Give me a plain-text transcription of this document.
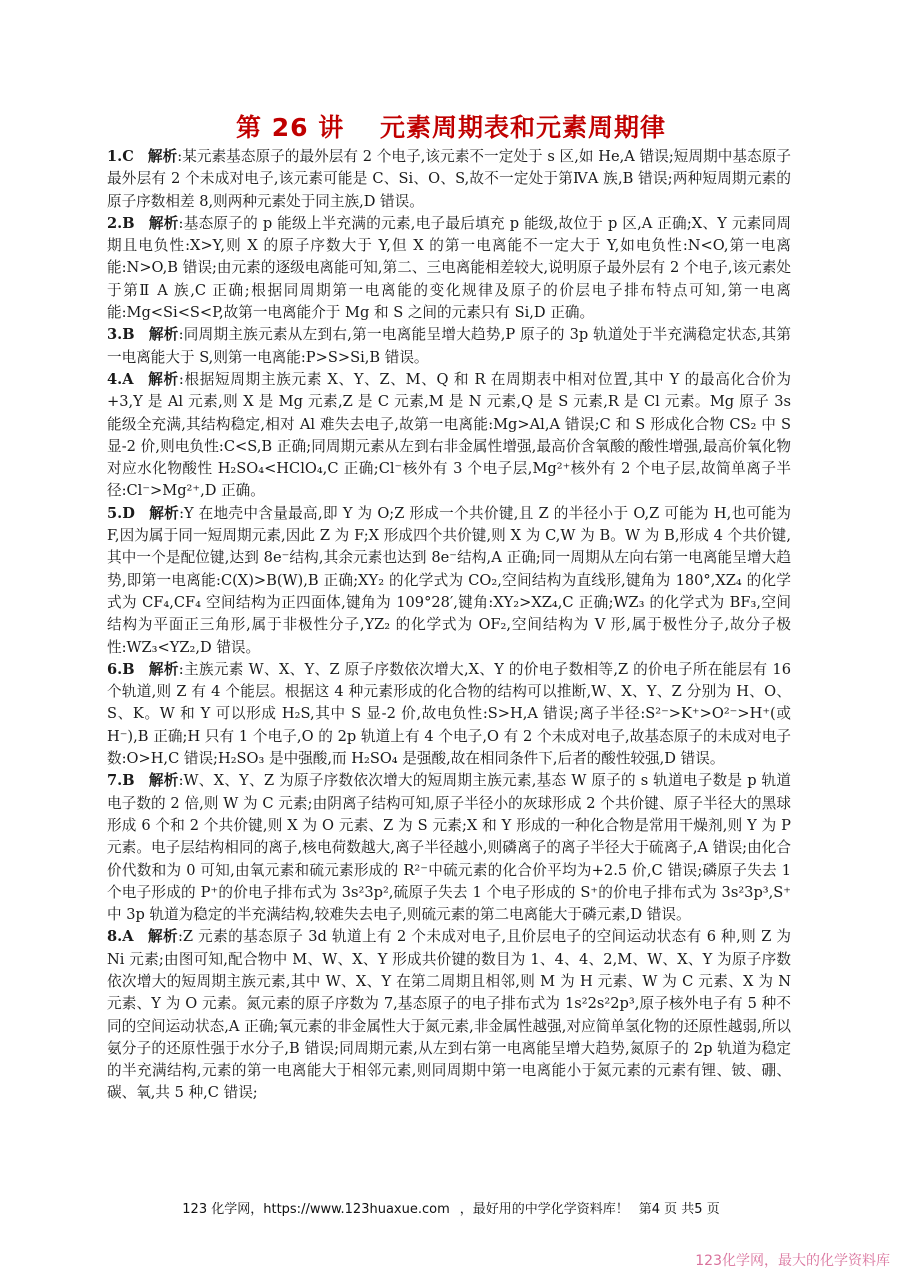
第 26 讲　 元素周期表和元素周期律

1.C 解析:某元素基态原子的最外层有 2 个电子,该元素不一定处于 s 区,如 He,A 错误;短周期中基态原子最外层有 2 个未成对电子,该元素可能是 C、Si、O、S,故不一定处于第ⅣA 族,B 错误;两种短周期元素的原子序数相差 8,则两种元素处于同主族,D 错误。

2.B 解析:基态原子的 p 能级上半充满的元素,电子最后填充 p 能级,故位于 p 区,A 正确;X、Y 元素同周期且电负性:X>Y,则 X 的原子序数大于 Y,但 X 的第一电离能不一定大于 Y,如电负性:N<O,第一电离能:N>O,B 错误;由元素的逐级电离能可知,第二、三电离能相差较大,说明原子最外层有 2 个电子,该元素处于第Ⅱ A 族,C 正确;根据同周期第一电离能的变化规律及原子的价层电子排布特点可知,第一电离能:Mg<Si<S<P,故第一电离能介于 Mg 和 S 之间的元素只有 Si,D 正确。

3.B 解析:同周期主族元素从左到右,第一电离能呈增大趋势,P 原子的 3p 轨道处于半充满稳定状态,其第一电离能大于 S,则第一电离能:P>S>Si,B 错误。

4.A 解析:根据短周期主族元素 X、Y、Z、M、Q 和 R 在周期表中相对位置,其中 Y 的最高化合价为+3,Y 是 Al 元素,则 X 是 Mg 元素,Z 是 C 元素,M 是 N 元素,Q 是 S 元素,R 是 Cl 元素。Mg 原子 3s 能级全充满,其结构稳定,相对 Al 难失去电子,故第一电离能:Mg>Al,A 错误;C 和 S 形成化合物 CS₂ 中 S 显-2 价,则电负性:C<S,B 正确;同周期元素从左到右非金属性增强,最高价含氧酸的酸性增强,最高价氧化物对应水化物酸性 H₂SO₄<HClO₄,C 正确;Cl⁻核外有 3 个电子层,Mg²⁺核外有 2 个电子层,故简单离子半径:Cl⁻>Mg²⁺,D 正确。

5.D 解析:Y 在地壳中含量最高,即 Y 为 O;Z 形成一个共价键,且 Z 的半径小于 O,Z 可能为 H,也可能为 F,因为属于同一短周期元素,因此 Z 为 F;X 形成四个共价键,则 X 为 C,W 为 B。W 为 B,形成 4 个共价键,其中一个是配位键,达到 8e⁻结构,其余元素也达到 8e⁻结构,A 正确;同一周期从左向右第一电离能呈增大趋势,即第一电离能:C(X)>B(W),B 正确;XY₂ 的化学式为 CO₂,空间结构为直线形,键角为 180°,XZ₄ 的化学式为 CF₄,CF₄ 空间结构为正四面体,键角为 109°28′,键角:XY₂>XZ₄,C 正确;WZ₃ 的化学式为 BF₃,空间结构为平面正三角形,属于非极性分子,YZ₂ 的化学式为 OF₂,空间结构为 V 形,属于极性分子,故分子极性:WZ₃<YZ₂,D 错误。

6.B 解析:主族元素 W、X、Y、Z 原子序数依次增大,X、Y 的价电子数相等,Z 的价电子所在能层有 16 个轨道,则 Z 有 4 个能层。根据这 4 种元素形成的化合物的结构可以推断,W、X、Y、Z 分别为 H、O、S、K。W 和 Y 可以形成 H₂S,其中 S 显-2 价,故电负性:S>H,A 错误;离子半径:S²⁻>K⁺>O²⁻>H⁺(或 H⁻),B 正确;H 只有 1 个电子,O 的 2p 轨道上有 4 个电子,O 有 2 个未成对电子,故基态原子的未成对电子数:O>H,C 错误;H₂SO₃ 是中强酸,而 H₂SO₄ 是强酸,故在相同条件下,后者的酸性较强,D 错误。

7.B 解析:W、X、Y、Z 为原子序数依次增大的短周期主族元素,基态 W 原子的 s 轨道电子数是 p 轨道电子数的 2 倍,则 W 为 C 元素;由阴离子结构可知,原子半径小的灰球形成 2 个共价键、原子半径大的黑球形成 6 个和 2 个共价键,则 X 为 O 元素、Z 为 S 元素;X 和 Y 形成的一种化合物是常用干燥剂,则 Y 为 P 元素。电子层结构相同的离子,核电荷数越大,离子半径越小,则磷离子的离子半径大于硫离子,A 错误;由化合价代数和为 0 可知,由氧元素和硫元素形成的 R²⁻中硫元素的化合价平均为+2.5 价,C 错误;磷原子失去 1 个电子形成的 P⁺的价电子排布式为 3s²3p²,硫原子失去 1 个电子形成的 S⁺的价电子排布式为 3s²3p³,S⁺中 3p 轨道为稳定的半充满结构,较难失去电子,则硫元素的第二电离能大于磷元素,D 错误。

8.A 解析:Z 元素的基态原子 3d 轨道上有 2 个未成对电子,且价层电子的空间运动状态有 6 种,则 Z 为 Ni 元素;由图可知,配合物中 M、W、X、Y 形成共价键的数目为 1、4、4、2,M、W、X、Y 为原子序数依次增大的短周期主族元素,其中 W、X、Y 在第二周期且相邻,则 M 为 H 元素、W 为 C 元素、X 为 N 元素、Y 为 O 元素。氮元素的原子序数为 7,基态原子的电子排布式为 1s²2s²2p³,原子核外电子有 5 种不同的空间运动状态,A 正确;氧元素的非金属性大于氮元素,非金属性越强,对应简单氢化物的还原性越弱,所以氨分子的还原性强于水分子,B 错误;同周期元素,从左到右第一电离能呈增大趋势,氮原子的 2p 轨道为稳定的半充满结构,元素的第一电离能大于相邻元素,则同周期中第一电离能小于氮元素的元素有锂、铍、硼、碳、氧,共 5 种,C 错误;

123 化学网，https://www.123huaxue.com ，最好用的中学化学资料库！ 第4 页 共5 页
123化学网，最大的化学资料库
